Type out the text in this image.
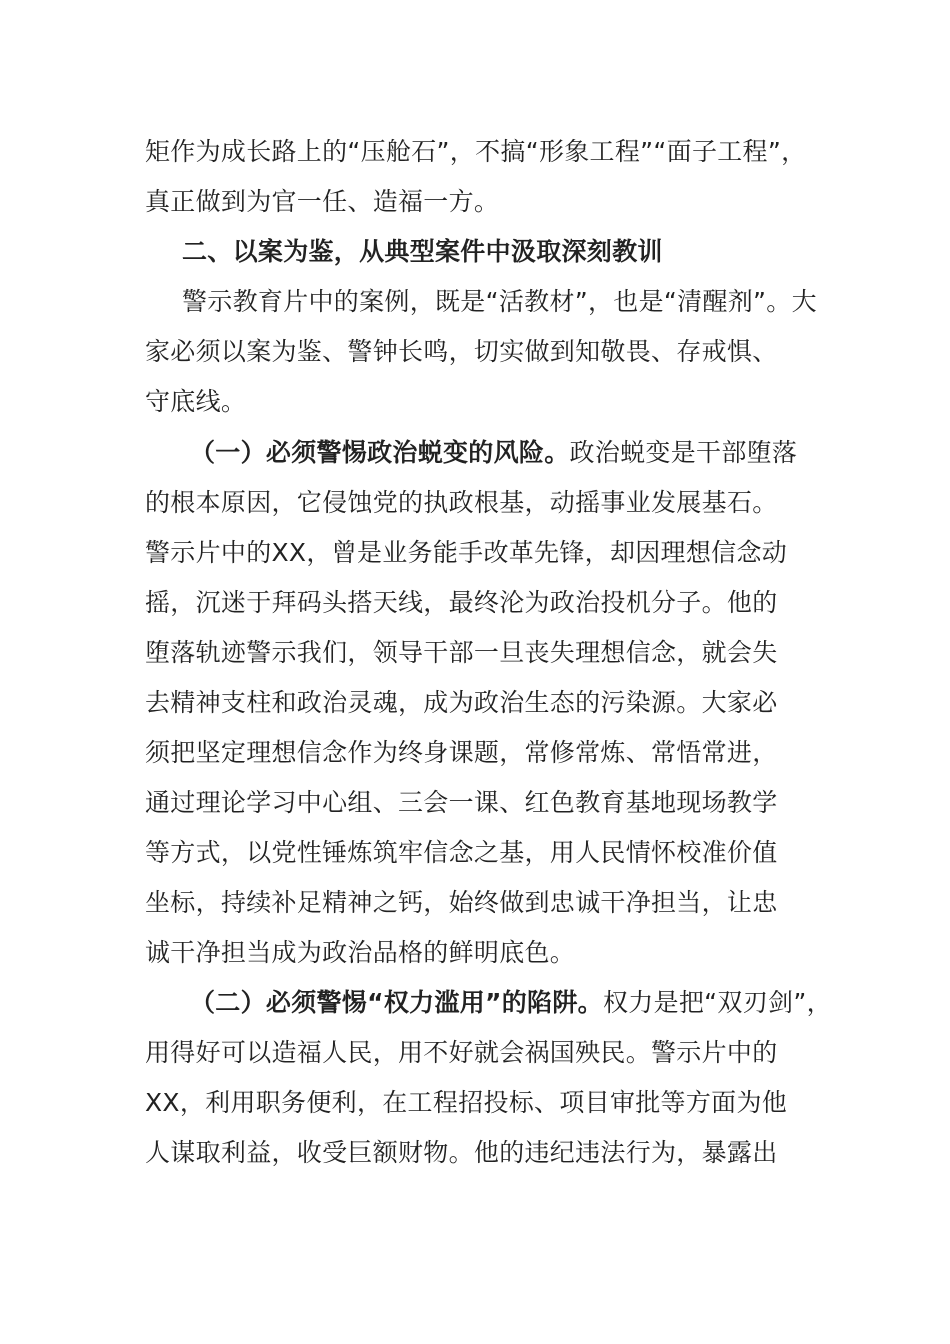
矩作为成长路上的“压舱石”，不搞“形象工程”“面子工程”，
真正做到为官一任、造福一方。
二、以案为鉴，从典型案件中汲取深刻教训
警示教育片中的案例，既是“活教材”，也是“清醒剂”。大
家必须以案为鉴、警钟长鸣，切实做到知敬畏、存戒惧、
守底线。
（一）必须警惕政治蜕变的风险。政治蜕变是干部堕落
的根本原因，它侵蚀党的执政根基，动摇事业发展基石。
警示片中的XX，曾是业务能手改革先锋，却因理想信念动
摇，沉迷于拜码头搭天线，最终沦为政治投机分子。他的
堕落轨迹警示我们，领导干部一旦丧失理想信念，就会失
去精神支柱和政治灵魂，成为政治生态的污染源。大家必
须把坚定理想信念作为终身课题，常修常炼、常悟常进，
通过理论学习中心组、三会一课、红色教育基地现场教学
等方式，以党性锤炼筑牢信念之基，用人民情怀校准价值
坐标，持续补足精神之钙，始终做到忠诚干净担当，让忠
诚干净担当成为政治品格的鲜明底色。
（二）必须警惕“权力滥用”的陷阱。权力是把“双刃剑”，
用得好可以造福人民，用不好就会祸国殃民。警示片中的
XX，利用职务便利，在工程招投标、项目审批等方面为他
人谋取利益，收受巨额财物。他的违纪违法行为，暴露出
